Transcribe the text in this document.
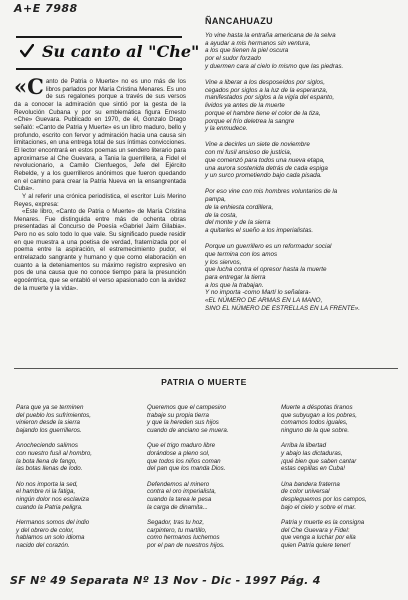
A+E 7988
Su canto al "Che"

«Canto de Patria o Muerte» no es uno más de los libros parlados por María Cristina Menares. Es uno de sus regalones porque a través de sus versos da a conocer la admiración que sintió por la gesta de la Revolución Cubana y por su emblemática figura Ernesto «Che» Guevara. Publicado en 1970, de él, Gonzalo Drago señaló: «Canto de Patria y Muerte» es un libro maduro, bello y profundo, escrito con fervor y admiración hacia una causa sin limitaciones, en una entrega total de sus íntimas convicciones. El lector encontrará en estos poemas un sendero literario para aproximarse al Che Guevara, a Tania la guerrillera, a Fidel el revolucionario, a Camilo Cienfuegos, Jefe del Ejército Rebelde, y a los guerrilleros anónimos que fueron quedando en el camino para crear la Patria Nueva en la ensangrentada Cuba».

Y al referir una crónica periodística, el escritor Luis Merino Reyes, expresa:

«Este libro, «Canto de Patria o Muerte» de María Cristina Menares. Fue distinguida entre más de ochenta obras presentadas al Concurso de Poesía «Gabriel Jaim Gilabia». Pero no es solo todo lo que vale. Su significado puede residir en que muestra a una poetisa de verdad, fraternizada por el poema entre la aspiración, el estremecimiento pudor, el entrelazado sangrante y humano y que como elaboración en cuanto a la deteniamentos su máximo registro expresivo en pos de una causa que no conoce tiempo para la presunción egocéntrica, que se entabló el verso apasionado con la avidez de la muerte y la vida».

ÑANCAHUAZU
Yo vine hasta la entraña americana de la selva
a ayudar a mis hermanos sin ventura,
a los que tienen la piel oscura
por el sudor forzado
y duermen cara al cielo lo mismo que las piedras.
Vine a liberar a los desposeídos por siglos,
cegados por siglos a la luz de la esperanza,
manifestados por siglos a la vigía del espanto,
lividos ya antes de la muerte
porque el hambre tiene el color de la tiza,
porque el frío deletrea la sangre
y la enmudece.
Vine a decirles un siete de noviembre
con mi fusil ansioso de justicia,
que comenzó para todos una nueva etapa,
una aurora sostenida detrás de cada espiga
y un surco prometiendo bajo cada pisada.
Por eso vine con mis hombres voluntarios de la
pampa,
de la enhiesta cordillera,
de la costa,
del monte y de la sierra
a quitarles el sueño a los imperialistas.
Porque un guerrillero es un reformador social
que termina con los amos
y los siervos,
que lucha contra el opresor hasta la muerte
para entregar la tierra
a los que la trabajan.
Y no importa -como Martí lo señalara-
«EL NÚMERO DE ARMAS EN LA MANO,
SINO EL NÚMERO DE ESTRELLAS EN LA FRENTE».
PATRIA O MUERTE
Para que ya se terminen
del pueblo los sufrimientos,
vinieron desde la sierra
bajando los guerrilleros.
Anocheciendo salimos
con nuestro fusil al hombro,
la bota llena de fango,
las botas llenas de lodo.
No nos importa la sed,
el hambre ni la fatiga,
ningún dolor nos esclaviza
cuando la Patria peligra.
Hermanos somos del indio
y del obrero de color,
hablamos un solo idioma
nacido del corazón.
Queremos que el campesino
trabaje su propia tierra
y que la hereden sus hijos
cuando de anciano se muera.
Que el trigo maduro libre
dorándose a pleno sol,
que todos los niños coman
del pan que los manda Dios.
Defendemos al minero
contra el oro imperialista,
cuando la tarea le pesa
la carga de dinamita...
Segador, tras tu hoz,
carpintero, tu martillo,
como hermanos luchemos
por el pan de nuestros hijos.
Muerte a déspotas tiranos
que subyugan a los pobres,
comamos todos iguales,
ninguno de la que sobre.
Arriba la libertad
y abajo las dictaduras,
¡qué bien que saben cantar
estas cepillas en Cuba!
Una bandera fraterna
de color universal
despleguemos por los campos,
bajo el cielo y sobre el mar.
Patria y muerte es la consigna
del Che Guevara y Fidel:
que venga a luchar por ella
quien Patria quiere tener!
SF Nº 49 Separata Nº 13 Nov - Dic - 1997 Pág. 4
